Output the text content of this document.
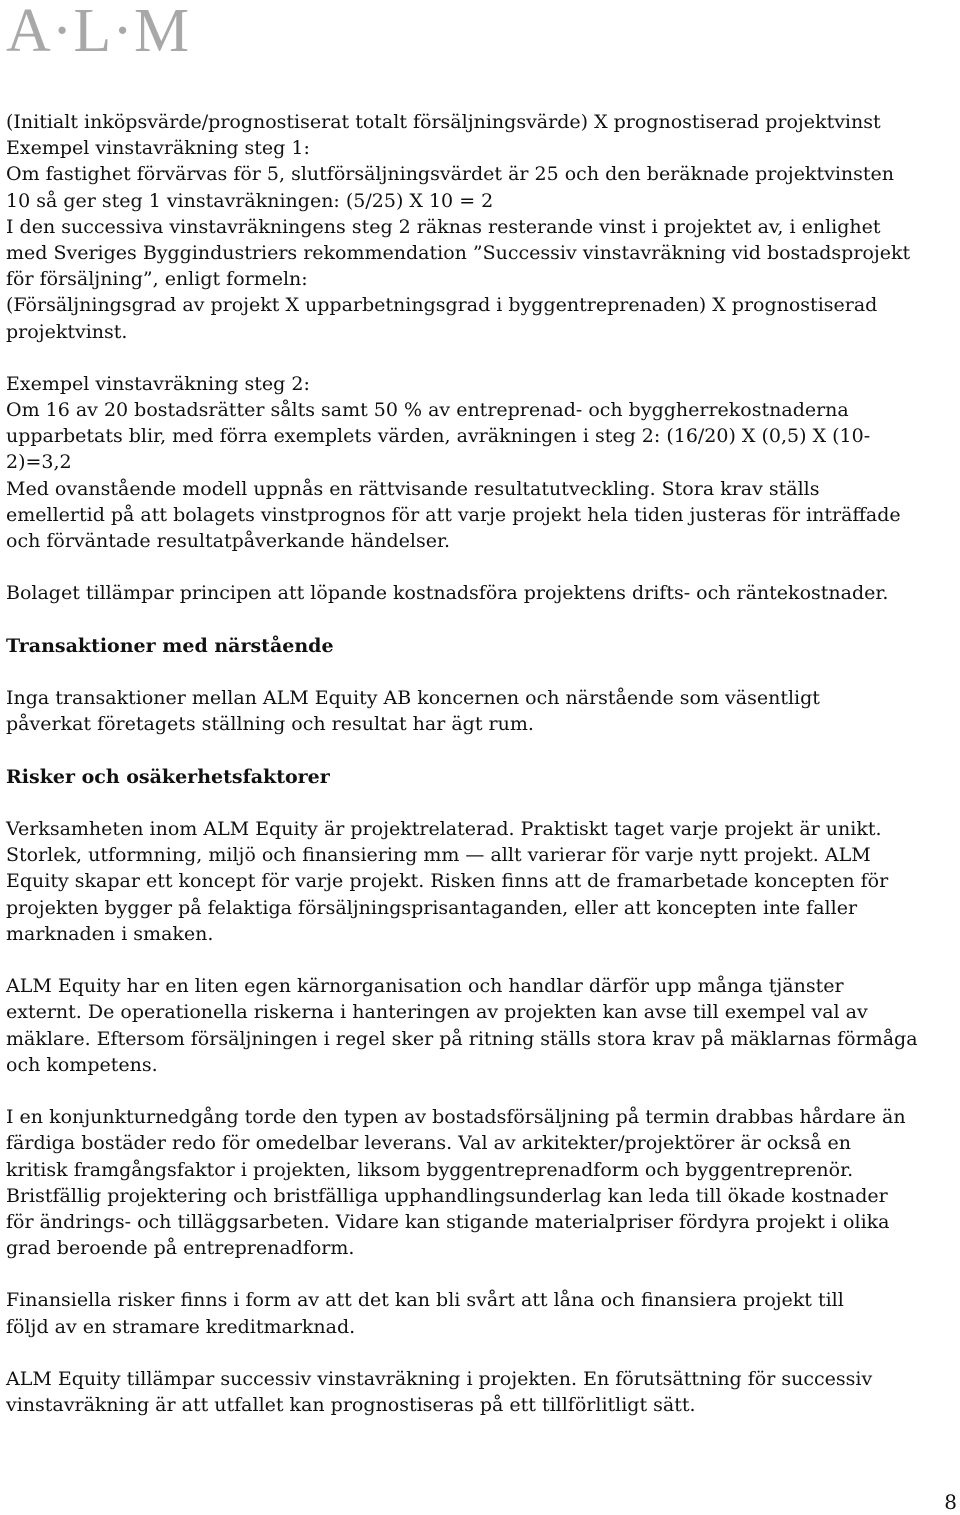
A·L·M
(Initialt inköpsvärde/prognostiserat totalt försäljningsvärde) X prognostiserad projektvinst
Exempel vinstavräkning steg 1:
Om fastighet förvärvas för 5, slutförsäljningsvärdet är 25 och den beräknade projektvinsten
10 så ger steg 1 vinstavräkningen: (5/25) X 10 = 2
I den successiva vinstavräkningens steg 2 räknas resterande vinst i projektet av, i enlighet
med Sveriges Byggindustriers rekommendation ”Successiv vinstavräkning vid bostadsprojekt
för försäljning”, enligt formeln:
(Försäljningsgrad av projekt X upparbetningsgrad i byggentreprenaden) X prognostiserad
projektvinst.
Exempel vinstavräkning steg 2:
Om 16 av 20 bostadsrätter sålts samt 50 % av entreprenad- och byggherrekostnaderna
upparbetats blir, med förra exemplets värden, avräkningen i steg 2: (16/20) X (0,5) X (10-
2)=3,2
Med ovanstående modell uppnås en rättvisande resultatutveckling. Stora krav ställs
emellertid på att bolagets vinstprognos för att varje projekt hela tiden justeras för inträffade
och förväntade resultatpåverkande händelser.
Bolaget tillämpar principen att löpande kostnadsföra projektens drifts- och räntekostnader.
Transaktioner med närstående
Inga transaktioner mellan ALM Equity AB koncernen och närstående som väsentligt
påverkat företagets ställning och resultat har ägt rum.
Risker och osäkerhetsfaktorer
Verksamheten inom ALM Equity är projektrelaterad. Praktiskt taget varje projekt är unikt.
Storlek, utformning, miljö och finansiering mm — allt varierar för varje nytt projekt. ALM
Equity skapar ett koncept för varje projekt. Risken finns att de framarbetade koncepten för
projekten bygger på felaktiga försäljningsprisantaganden, eller att koncepten inte faller
marknaden i smaken.
ALM Equity har en liten egen kärnorganisation och handlar därför upp många tjänster
externt. De operationella riskerna i hanteringen av projekten kan avse till exempel val av
mäklare. Eftersom försäljningen i regel sker på ritning ställs stora krav på mäklarnas förmåga
och kompetens.
I en konjunkturnedgång torde den typen av bostadsförsäljning på termin drabbas hårdare än
färdiga bostäder redo för omedelbar leverans. Val av arkitekter/projektörer är också en
kritisk framgångsfaktor i projekten, liksom byggentreprenadform och byggentreprenör.
Bristfällig projektering och bristfälliga upphandlingsunderlag kan leda till ökade kostnader
för ändrings- och tilläggsarbeten. Vidare kan stigande materialpriser fördyra projekt i olika
grad beroende på entreprenadform.
Finansiella risker finns i form av att det kan bli svårt att låna och finansiera projekt till
följd av en stramare kreditmarknad.
ALM Equity tillämpar successiv vinstavräkning i projekten. En förutsättning för successiv
vinstavräkning är att utfallet kan prognostiseras på ett tillförlitligt sätt.
8
